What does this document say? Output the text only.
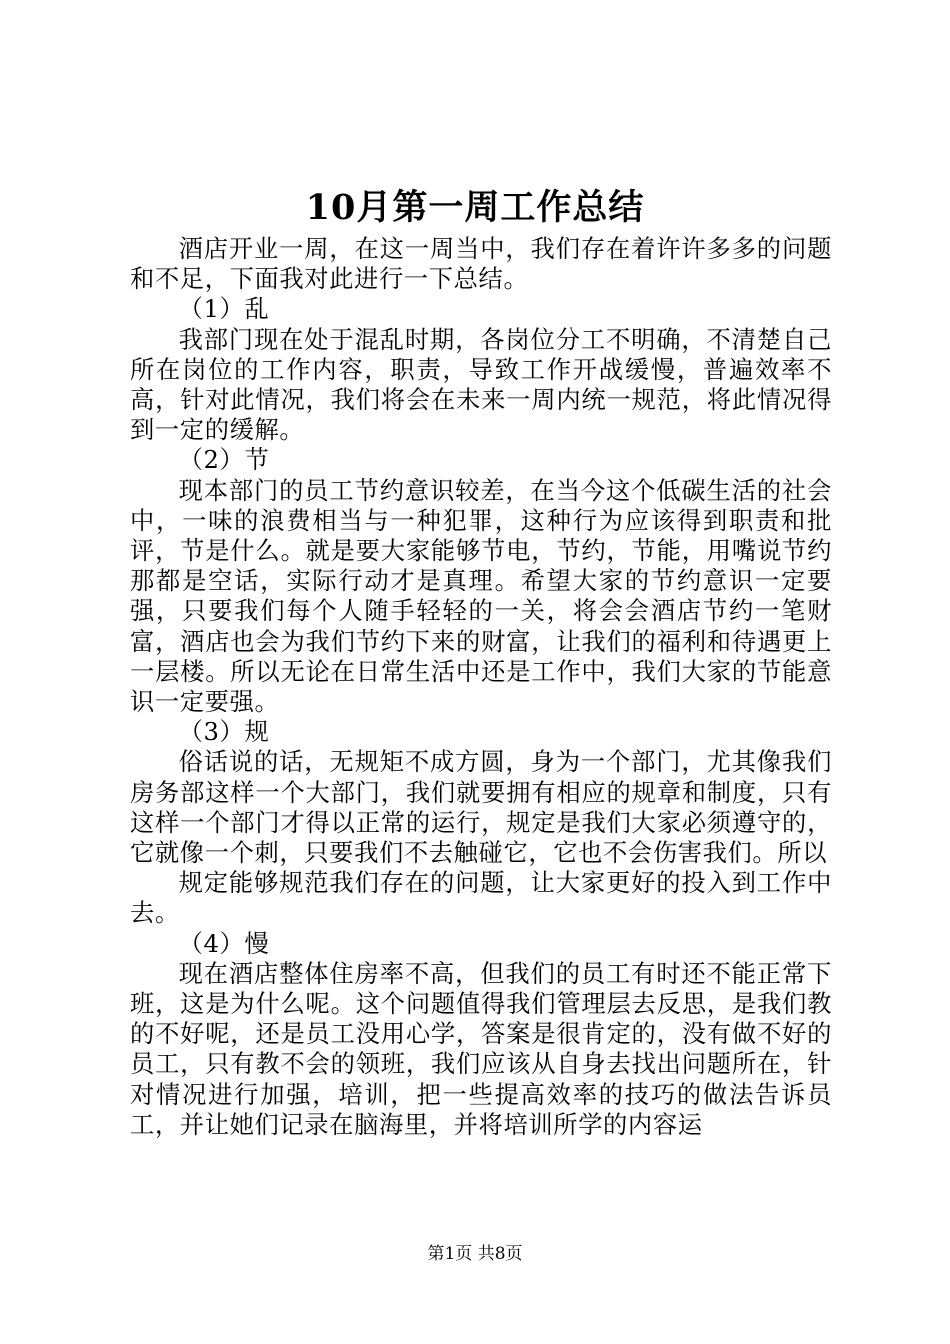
10月第一周工作总结

酒店开业一周，在这一周当中，我们存在着许许多多的问题和不足，下面我对此进行一下总结。

（1）乱

我部门现在处于混乱时期，各岗位分工不明确，不清楚自己所在岗位的工作内容，职责，导致工作开战缓慢，普遍效率不高，针对此情况，我们将会在未来一周内统一规范，将此情况得到一定的缓解。

（2）节

现本部门的员工节约意识较差，在当今这个低碳生活的社会中，一味的浪费相当与一种犯罪，这种行为应该得到职责和批评，节是什么。就是要大家能够节电，节约，节能，用嘴说节约那都是空话，实际行动才是真理。希望大家的节约意识一定要强，只要我们每个人随手轻轻的一关，将会会酒店节约一笔财富，酒店也会为我们节约下来的财富，让我们的福利和待遇更上一层楼。所以无论在日常生活中还是工作中，我们大家的节能意识一定要强。

（3）规

俗话说的话，无规矩不成方圆，身为一个部门，尤其像我们房务部这样一个大部门，我们就要拥有相应的规章和制度，只有这样一个部门才得以正常的运行，规定是我们大家必须遵守的，它就像一个刺，只要我们不去触碰它，它也不会伤害我们。所以

规定能够规范我们存在的问题，让大家更好的投入到工作中去。

（4）慢

现在酒店整体住房率不高，但我们的员工有时还不能正常下班，这是为什么呢。这个问题值得我们管理层去反思，是我们教的不好呢，还是员工没用心学，答案是很肯定的，没有做不好的员工，只有教不会的领班，我们应该从自身去找出问题所在，针对情况进行加强，培训，把一些提高效率的技巧的做法告诉员工，并让她们记录在脑海里，并将培训所学的内容运

第1页 共8页
